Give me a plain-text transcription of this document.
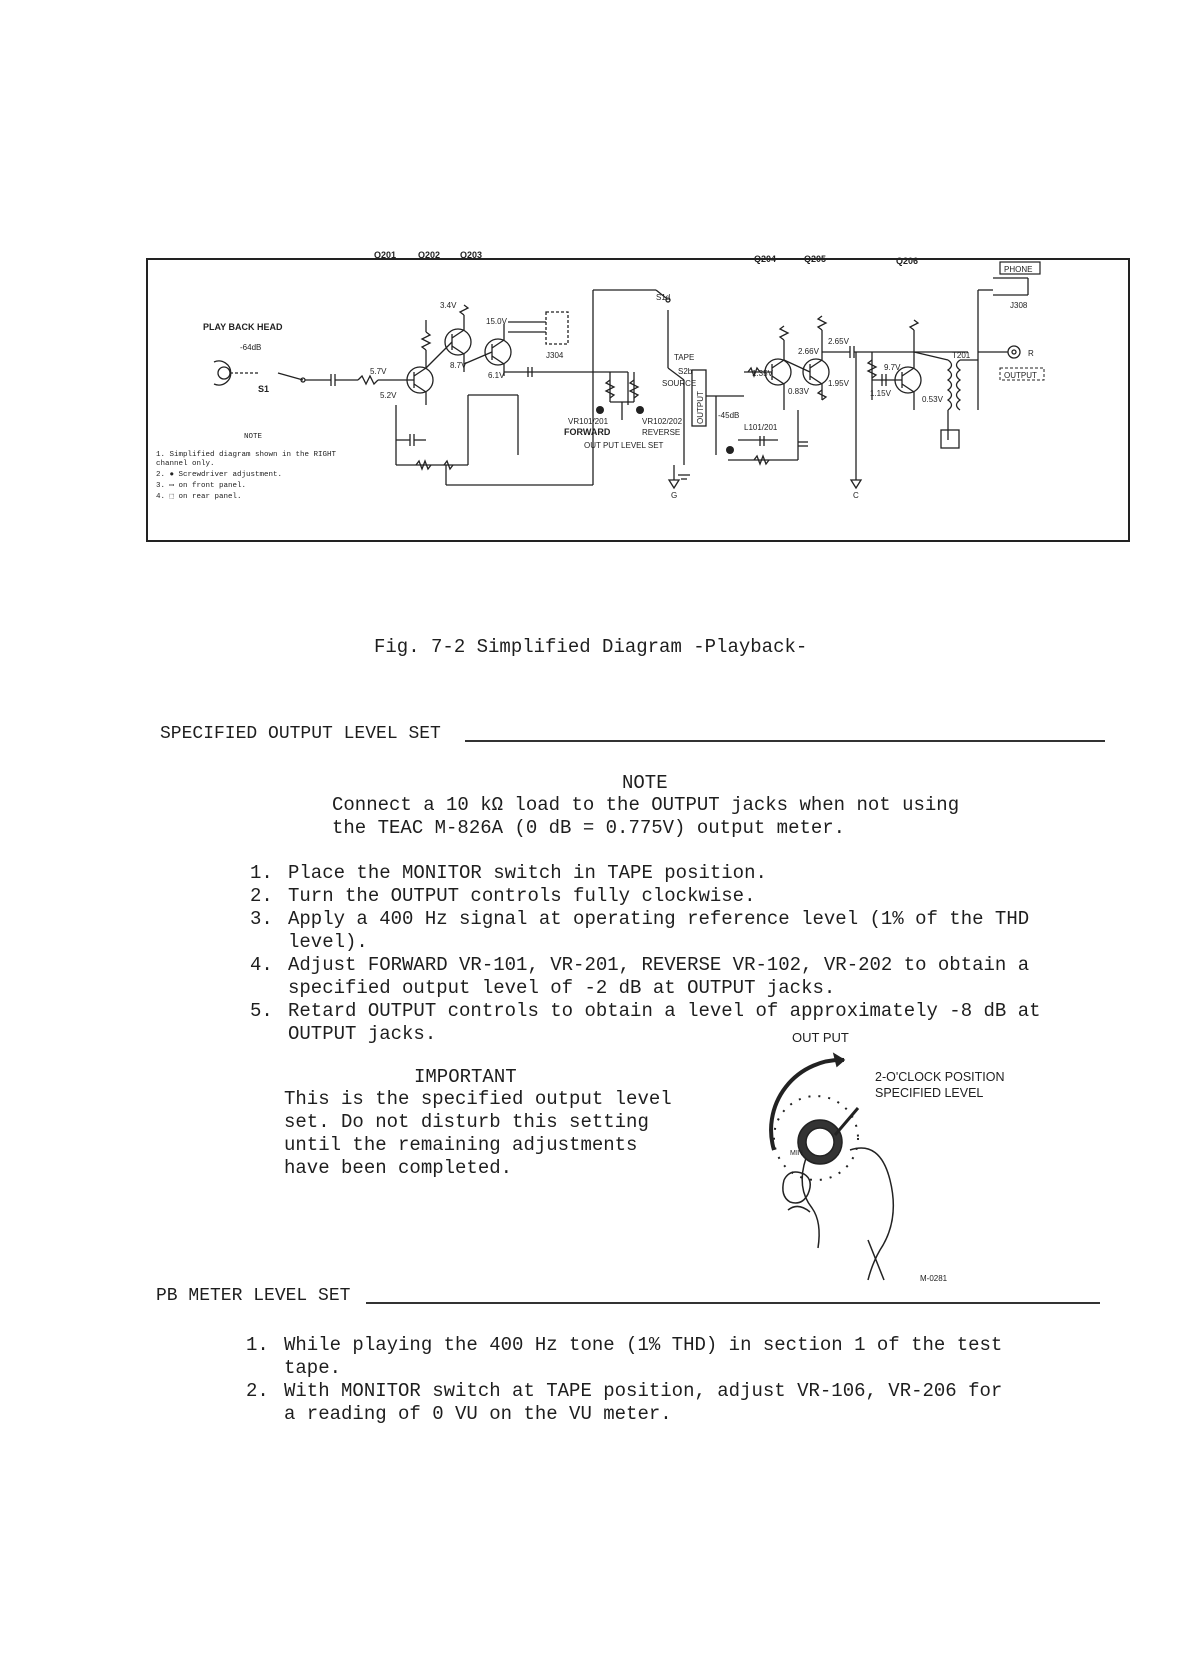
Q201 Q202 Q203	Q204	Q205	Q206
PLAY BACK HEAD
-64dB
S1
3.4V
5.7V
5.2V
8.7V
15.0V
6.1V
2.65V
2.66V
1.35V
0.83V
1.95V
9.7V
1.15V
0.53V
J304
S1d
TAPE
S2b
SOURCE
OUTPUT
VR101/201
FORWARD
VR102/202
REVERSE
OUT PUT LEVEL SET
-45dB
L101/201
T201
PHONE
J308
OUTPUT
R
G	C
NOTE
1. Simplified diagram shown in the RIGHT
channel only.
2. ● Screwdriver adjustment.
3. ▭ on front panel.
4. ⬚ on rear panel.
Fig. 7-2 Simplified Diagram -Playback-
SPECIFIED OUTPUT LEVEL SET
NOTE
Connect a 10 kΩ load to the OUTPUT jacks when not using
the TEAC M-826A (0 dB = 0.775V) output meter.
1. Place the MONITOR switch in TAPE position.
2. Turn the OUTPUT controls fully clockwise.
3. Apply a 400 Hz signal at operating reference level (1% of the THD
level).
4. Adjust FORWARD VR-101, VR-201, REVERSE VR-102, VR-202 to obtain a
specified output level of -2 dB at OUTPUT jacks.
5. Retard OUTPUT controls to obtain a level of approximately -8 dB at
OUTPUT jacks.
IMPORTANT
This is the specified output level
set. Do not disturb this setting
until the remaining adjustments
have been completed.
OUT PUT
2-O'CLOCK POSITION
SPECIFIED LEVEL
MIN
M-0281
PB METER LEVEL SET
1. While playing the 400 Hz tone (1% THD) in section 1 of the test
tape.
2. With MONITOR switch at TAPE position, adjust VR-106, VR-206 for
a reading of 0 VU on the VU meter.
